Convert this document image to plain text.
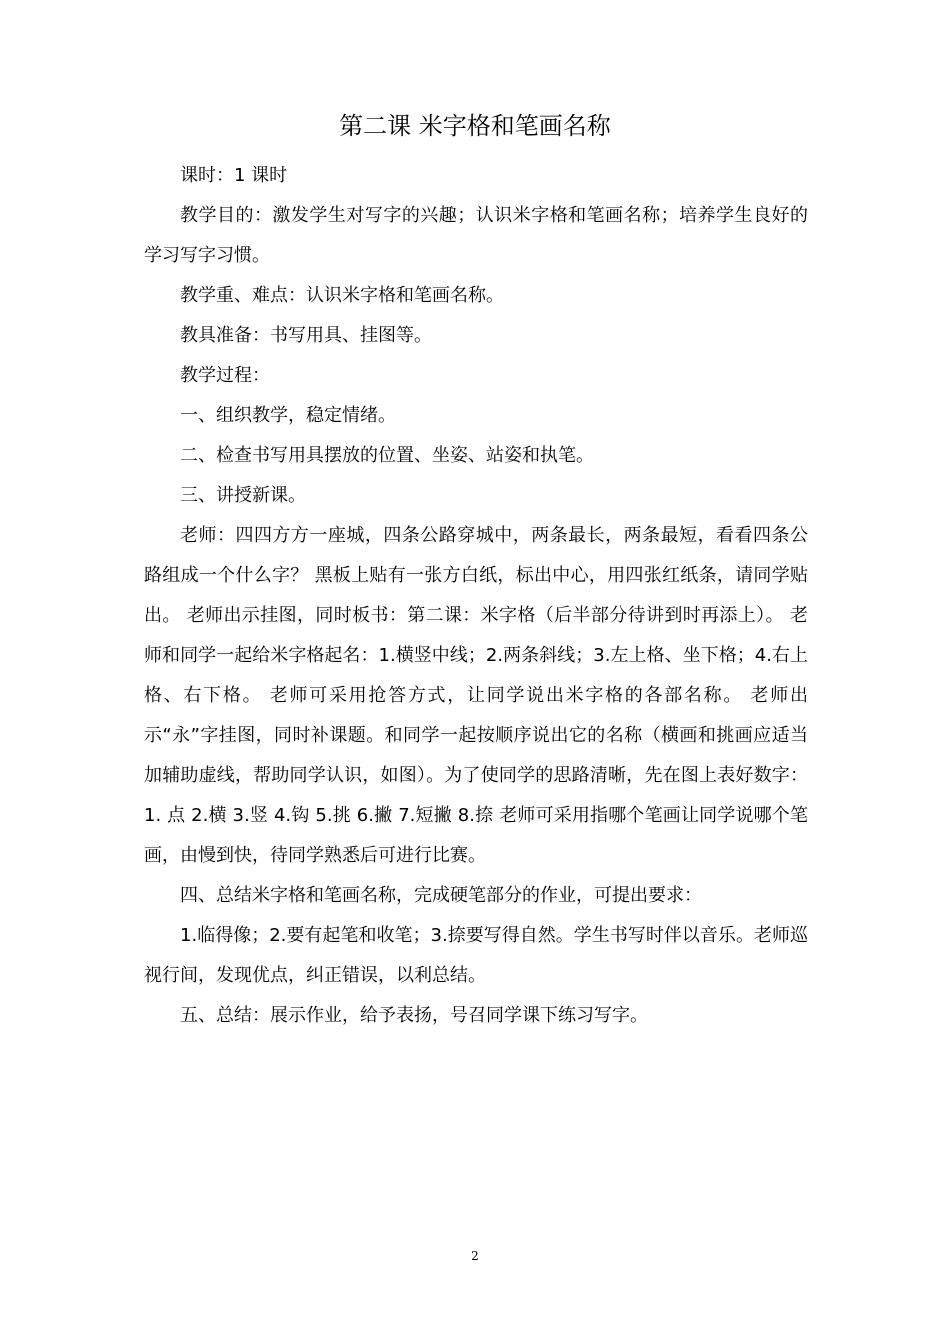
第二课 米字格和笔画名称

课时：1 课时

教学目的：激发学生对写字的兴趣；认识米字格和笔画名称；培养学生良好的学习写字习惯。

教学重、难点：认识米字格和笔画名称。

教具准备：书写用具、挂图等。

教学过程：

一、组织教学，稳定情绪。

二、检查书写用具摆放的位置、坐姿、站姿和执笔。

三、讲授新课。

老师：四四方方一座城，四条公路穿城中，两条最长，两条最短，看看四条公路组成一个什么字？ 黑板上贴有一张方白纸，标出中心，用四张红纸条，请同学贴出。 老师出示挂图，同时板书：第二课：米字格（后半部分待讲到时再添上）。 老师和同学一起给米字格起名：1.横竖中线；2.两条斜线；3.左上格、坐下格；4.右上格、右下格。 老师可采用抢答方式，让同学说出米字格的各部名称。 老师出示“永”字挂图，同时补课题。和同学一起按顺序说出它的名称（横画和挑画应适当加辅助虚线，帮助同学认识，如图）。为了使同学的思路清晰，先在图上表好数字： 1. 点 2.横 3.竖 4.钩 5.挑 6.撇 7.短撇 8.捺 老师可采用指哪个笔画让同学说哪个笔画，由慢到快，待同学熟悉后可进行比赛。

四、总结米字格和笔画名称，完成硬笔部分的作业，可提出要求：

1.临得像；2.要有起笔和收笔；3.捺要写得自然。学生书写时伴以音乐。老师巡视行间，发现优点，纠正错误，以利总结。

五、总结：展示作业，给予表扬，号召同学课下练习写字。

2
